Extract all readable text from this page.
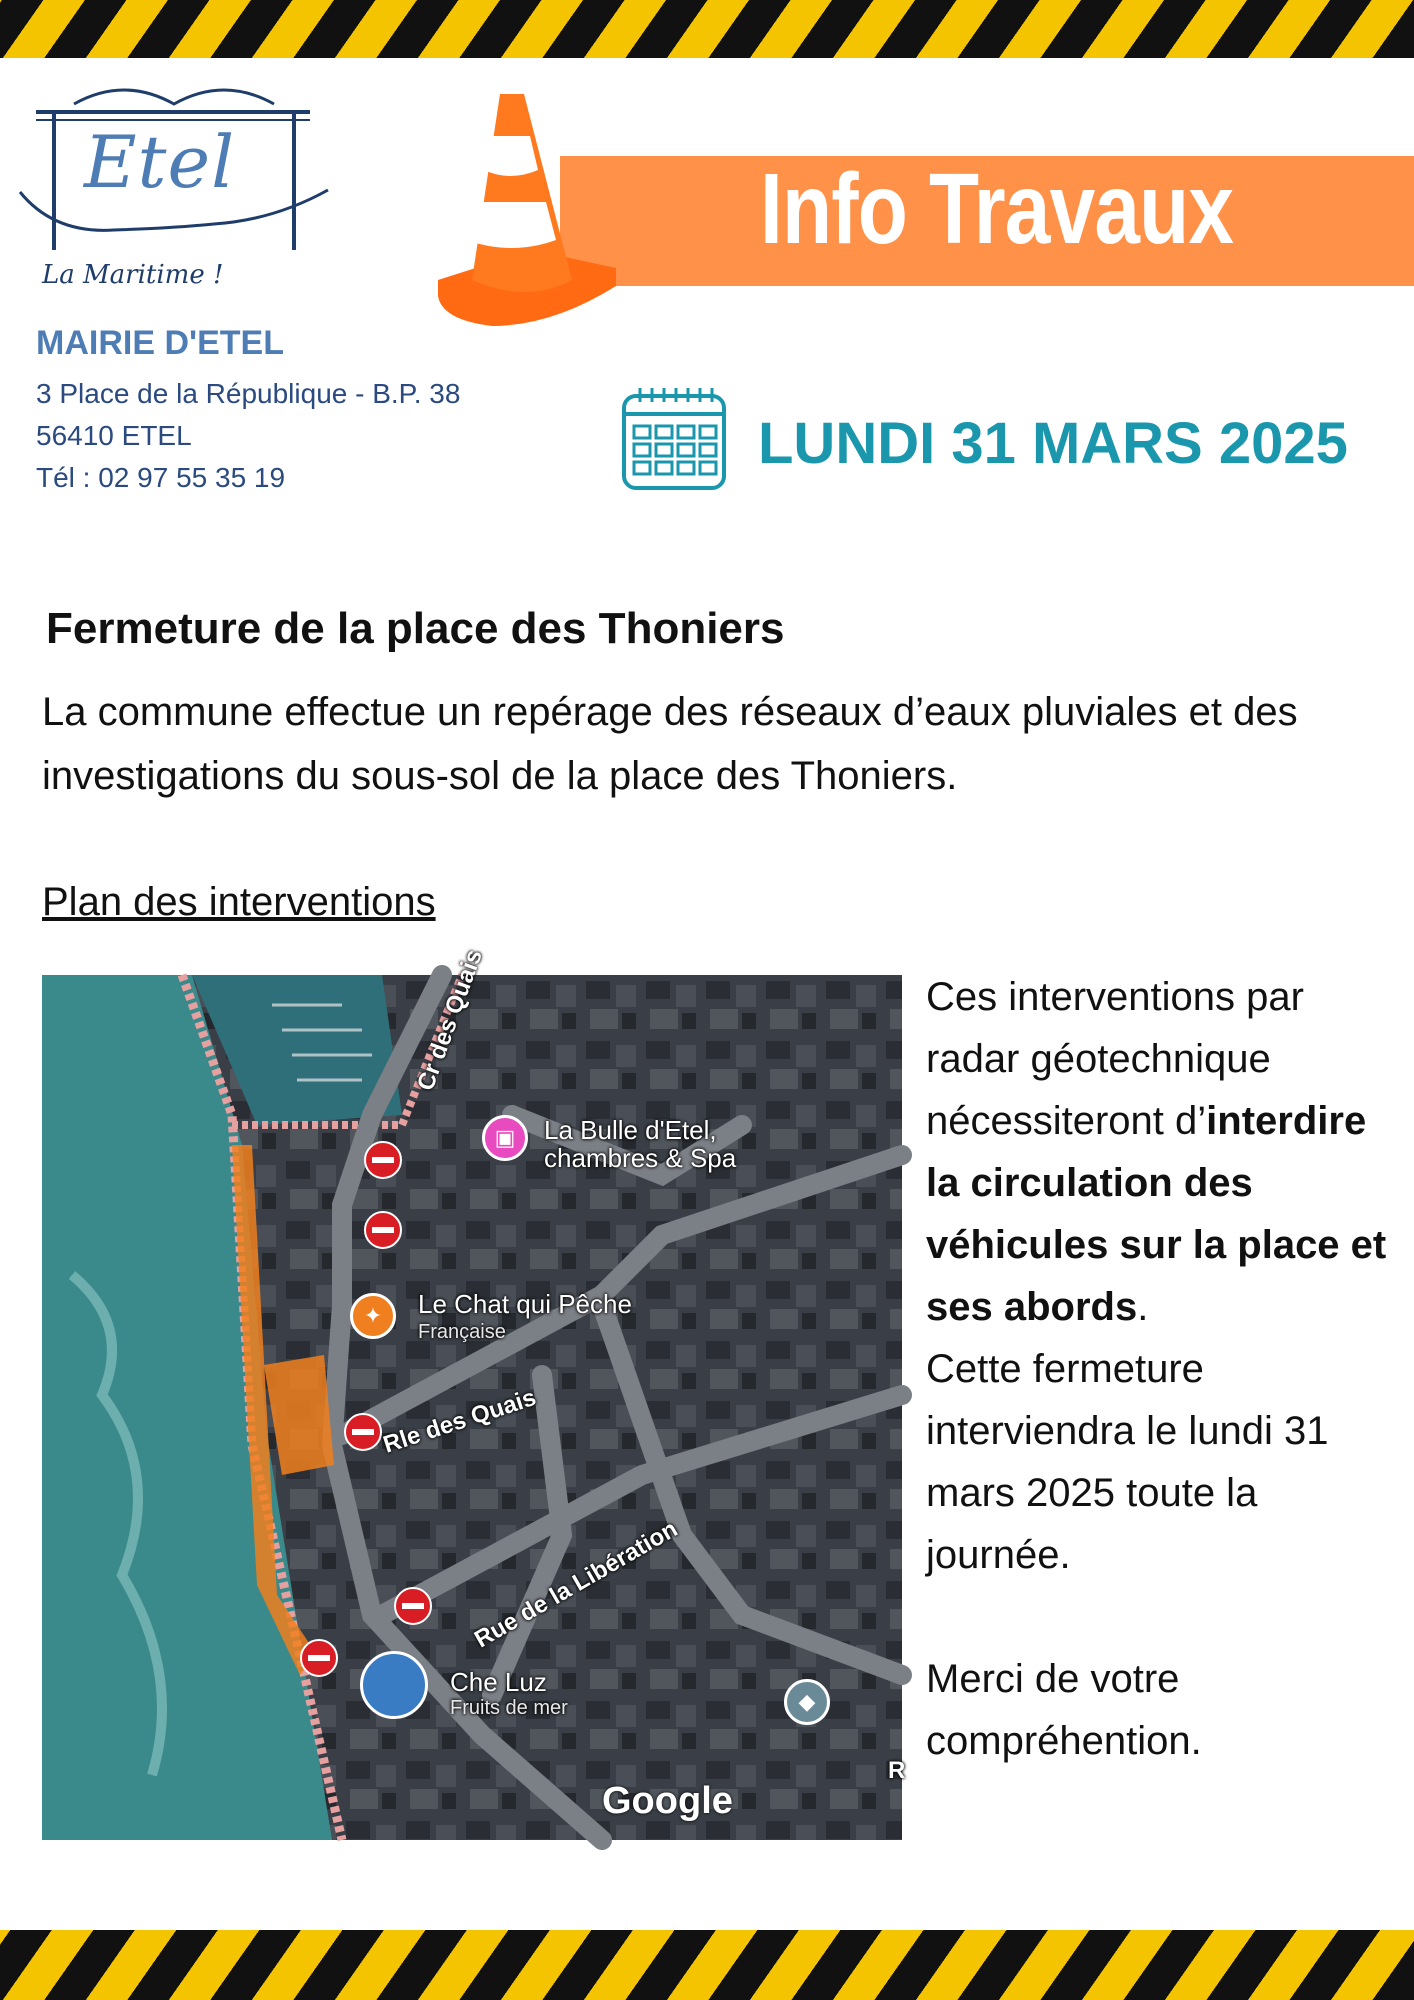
Etel
La Maritime !
MAIRIE D'ETEL
3 Place de la République - B.P. 38
56410 ETEL
Tél : 02 97 55 35 19
Info Travaux
LUNDI 31 MARS 2025
Fermeture de la place des Thoniers
La commune effectue un repérage des réseaux d’eaux pluviales et des investigations du sous-sol de la place des Thoniers.
Plan des interventions
▣	La Bulle d'Etel,
chambres & Spa
✦	Le Chat qui Pêche
Française
Che Luz
Fruits de mer	◆
Cr des Quais
Rle des Quais
Rue de la Libération
Google
R

Ces interventions par radar géotechnique nécessiteront d’interdire la circulation des véhicules sur la place et ses abords.

Cette fermeture interviendra le lundi 31 mars 2025 toute la journée.

Merci de votre compréhention.
